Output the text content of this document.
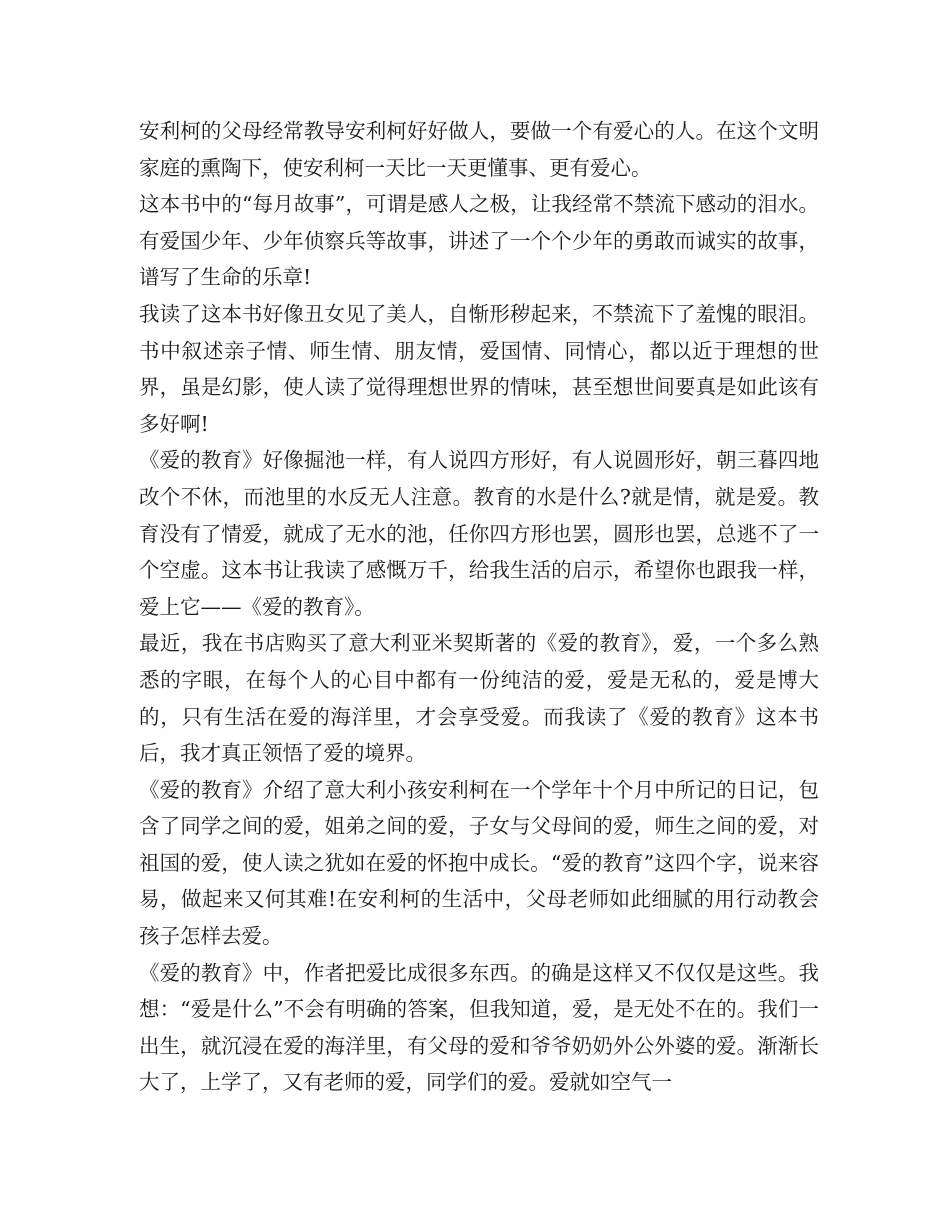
安利柯的父母经常教导安利柯好好做人，要做一个有爱心的人。在这个文明家庭的熏陶下，使安利柯一天比一天更懂事、更有爱心。

这本书中的“每月故事”，可谓是感人之极，让我经常不禁流下感动的泪水。有爱国少年、少年侦察兵等故事，讲述了一个个少年的勇敢而诚实的故事，谱写了生命的乐章!

我读了这本书好像丑女见了美人，自惭形秽起来，不禁流下了羞愧的眼泪。书中叙述亲子情、师生情、朋友情，爱国情、同情心，都以近于理想的世界，虽是幻影，使人读了觉得理想世界的情味，甚至想世间要真是如此该有多好啊!

《爱的教育》好像掘池一样，有人说四方形好，有人说圆形好，朝三暮四地改个不休，而池里的水反无人注意。教育的水是什么?就是情，就是爱。教育没有了情爱，就成了无水的池，任你四方形也罢，圆形也罢，总逃不了一个空虚。这本书让我读了感慨万千，给我生活的启示，希望你也跟我一样，爱上它——《爱的教育》。

最近，我在书店购买了意大利亚米契斯著的《爱的教育》，爱，一个多么熟悉的字眼，在每个人的心目中都有一份纯洁的爱，爱是无私的，爱是博大的，只有生活在爱的海洋里，才会享受爱。而我读了《爱的教育》这本书后，我才真正领悟了爱的境界。

《爱的教育》介绍了意大利小孩安利柯在一个学年十个月中所记的日记，包含了同学之间的爱，姐弟之间的爱，子女与父母间的爱，师生之间的爱，对祖国的爱，使人读之犹如在爱的怀抱中成长。“爱的教育”这四个字，说来容易，做起来又何其难!在安利柯的生活中，父母老师如此细腻的用行动教会孩子怎样去爱。

《爱的教育》中，作者把爱比成很多东西。的确是这样又不仅仅是这些。我想：“爱是什么”不会有明确的答案，但我知道，爱，是无处不在的。我们一出生，就沉浸在爱的海洋里，有父母的爱和爷爷奶奶外公外婆的爱。渐渐长大了，上学了，又有老师的爱，同学们的爱。爱就如空气一
